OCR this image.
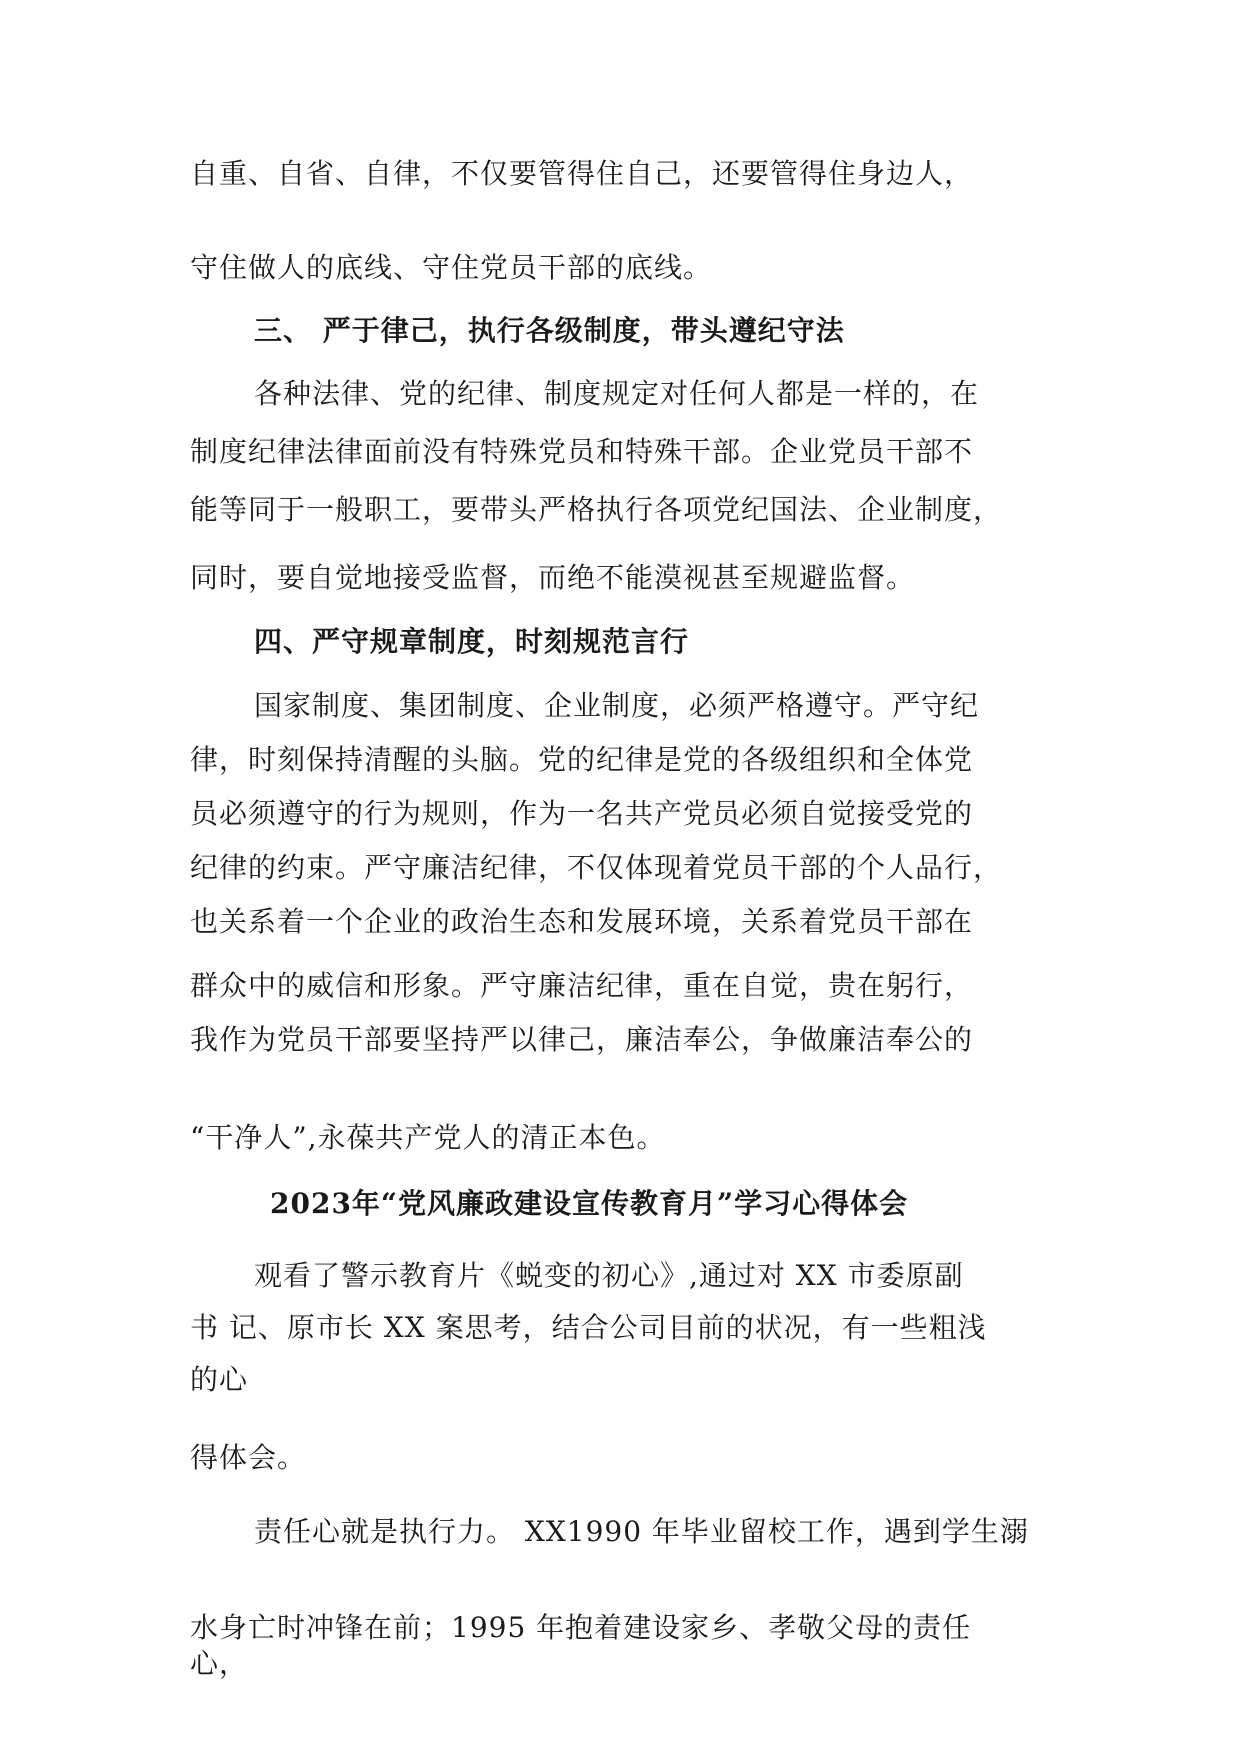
自重、自省、自律，不仅要管得住自己，还要管得住身边人，
守住做人的底线、守住党员干部的底线。
三、 严于律己，执行各级制度，带头遵纪守法
各种法律、党的纪律、制度规定对任何人都是一样的，在
制度纪律法律面前没有特殊党员和特殊干部。企业党员干部不
能等同于一般职工，要带头严格执行各项党纪国法、企业制度，
同时，要自觉地接受监督，而绝不能漠视甚至规避监督。
四、严守规章制度，时刻规范言行
国家制度、集团制度、企业制度，必须严格遵守。严守纪
律，时刻保持清醒的头脑。党的纪律是党的各级组织和全体党
员必须遵守的行为规则，作为一名共产党员必须自觉接受党的
纪律的约束。严守廉洁纪律，不仅体现着党员干部的个人品行，
也关系着一个企业的政治生态和发展环境，关系着党员干部在
群众中的威信和形象。严守廉洁纪律，重在自觉，贵在躬行，
我作为党员干部要坚持严以律己，廉洁奉公，争做廉洁奉公的
“干净人”,永葆共产党人的清正本色。
2023年“党风廉政建设宣传教育月”学习心得体会
观看了警示教育片《蜕变的初心》,通过对 XX 市委原副
书 记、原市长 XX 案思考，结合公司目前的状况，有一些粗浅
的心
得体会。
责任心就是执行力。 XX1990 年毕业留校工作，遇到学生溺
水身亡时冲锋在前；1995 年抱着建设家乡、孝敬父母的责任
心，
